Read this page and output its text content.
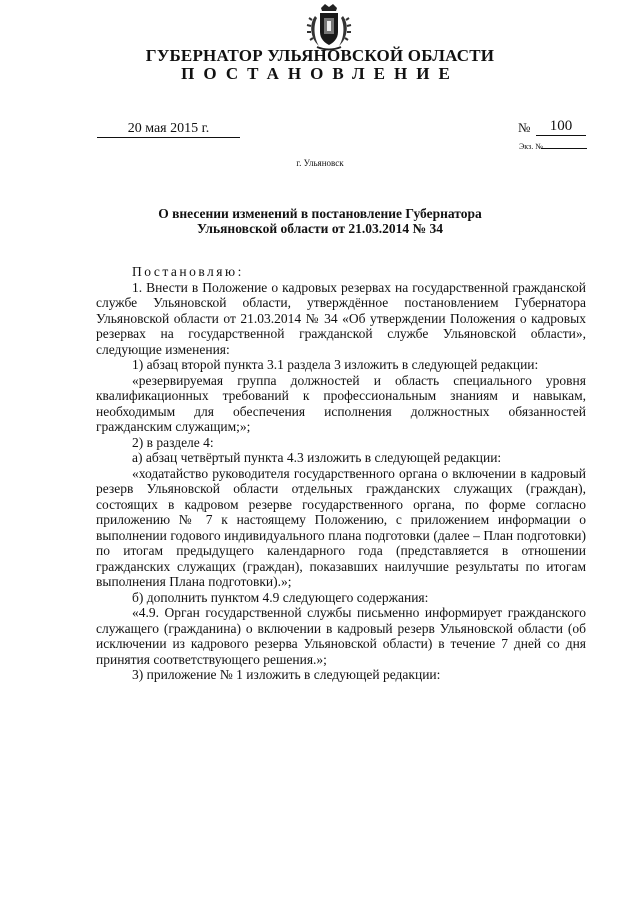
ГУБЕРНАТОР УЛЬЯНОВСКОЙ ОБЛАСТИ
ПОСТАНОВЛЕНИЕ
20 мая 2015 г.	№	100
Экз. №
г. Ульяновск
О внесении изменений в постановление Губернатора
Ульяновской области от 21.03.2014 № 34

Постановляю:

1. Внести в Положение о кадровых резервах на государственной гражданской службе Ульяновской области, утверждённое постановлением Губернатора Ульяновской области от 21.03.2014 № 34 «Об утверждении Положения о кадровых резервах на государственной гражданской службе Ульяновской области», следующие изменения:

1) абзац второй пункта 3.1 раздела 3 изложить в следующей редакции:

«резервируемая группа должностей и область специального уровня квалификационных требований к профессиональным знаниям и навыкам, необходимым для обеспечения исполнения должностных обязанностей гражданским служащим;»;

2) в разделе 4:

а) абзац четвёртый пункта 4.3 изложить в следующей редакции:

«ходатайство руководителя государственного органа о включении в кадровый резерв Ульяновской области отдельных гражданских служащих (граждан), состоящих в кадровом резерве государственного органа, по форме согласно приложению № 7 к настоящему Положению, с приложением информации о выполнении годового индивидуального плана подготовки (далее – План подготовки) по итогам предыдущего календарного года (представляется в отношении гражданских служащих (граждан), показавших наилучшие результаты по итогам выполнения Плана подготовки).»;

б) дополнить пунктом 4.9 следующего содержания:

«4.9. Орган государственной службы письменно информирует гражданского служащего (гражданина) о включении в кадровый резерв Ульяновской области (об исключении из кадрового резерва Ульяновской области) в течение 7 дней со дня принятия соответствующего решения.»;

3) приложение № 1 изложить в следующей редакции:
